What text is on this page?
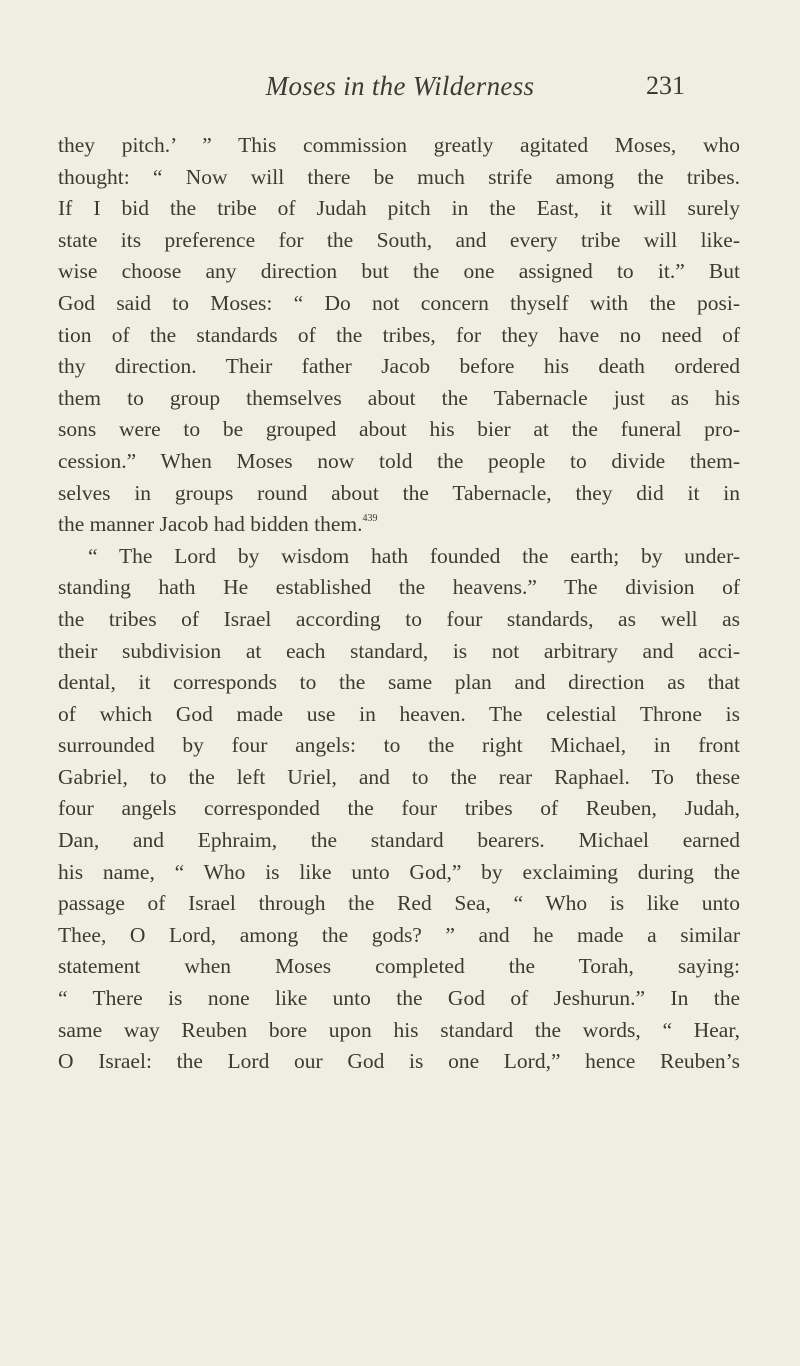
Moses in the Wilderness	231
they pitch.’ ” This commission greatly agitated Moses, who
thought: “ Now will there be much strife among the tribes.
If I bid the tribe of Judah pitch in the East, it will surely
state its preference for the South, and every tribe will like-
wise choose any direction but the one assigned to it.” But
God said to Moses: “ Do not concern thyself with the posi-
tion of the standards of the tribes, for they have no need of
thy direction. Their father Jacob before his death ordered
them to group themselves about the Tabernacle just as his
sons were to be grouped about his bier at the funeral pro-
cession.” When Moses now told the people to divide them-
selves in groups round about the Tabernacle, they did it in
the manner Jacob had bidden them.$^{439}$
“ The Lord by wisdom hath founded the earth; by under-
standing hath He established the heavens.” The division of
the tribes of Israel according to four standards, as well as
their subdivision at each standard, is not arbitrary and acci-
dental, it corresponds to the same plan and direction as that
of which God made use in heaven. The celestial Throne is
surrounded by four angels: to the right Michael, in front
Gabriel, to the left Uriel, and to the rear Raphael. To these
four angels corresponded the four tribes of Reuben, Judah,
Dan, and Ephraim, the standard bearers. Michael earned
his name, “ Who is like unto God,” by exclaiming during the
passage of Israel through the Red Sea, “ Who is like unto
Thee, O Lord, among the gods? ” and he made a similar
statement when Moses completed the Torah, saying:
“ There is none like unto the God of Jeshurun.” In the
same way Reuben bore upon his standard the words, “ Hear,
O Israel: the Lord our God is one Lord,” hence Reuben’s
